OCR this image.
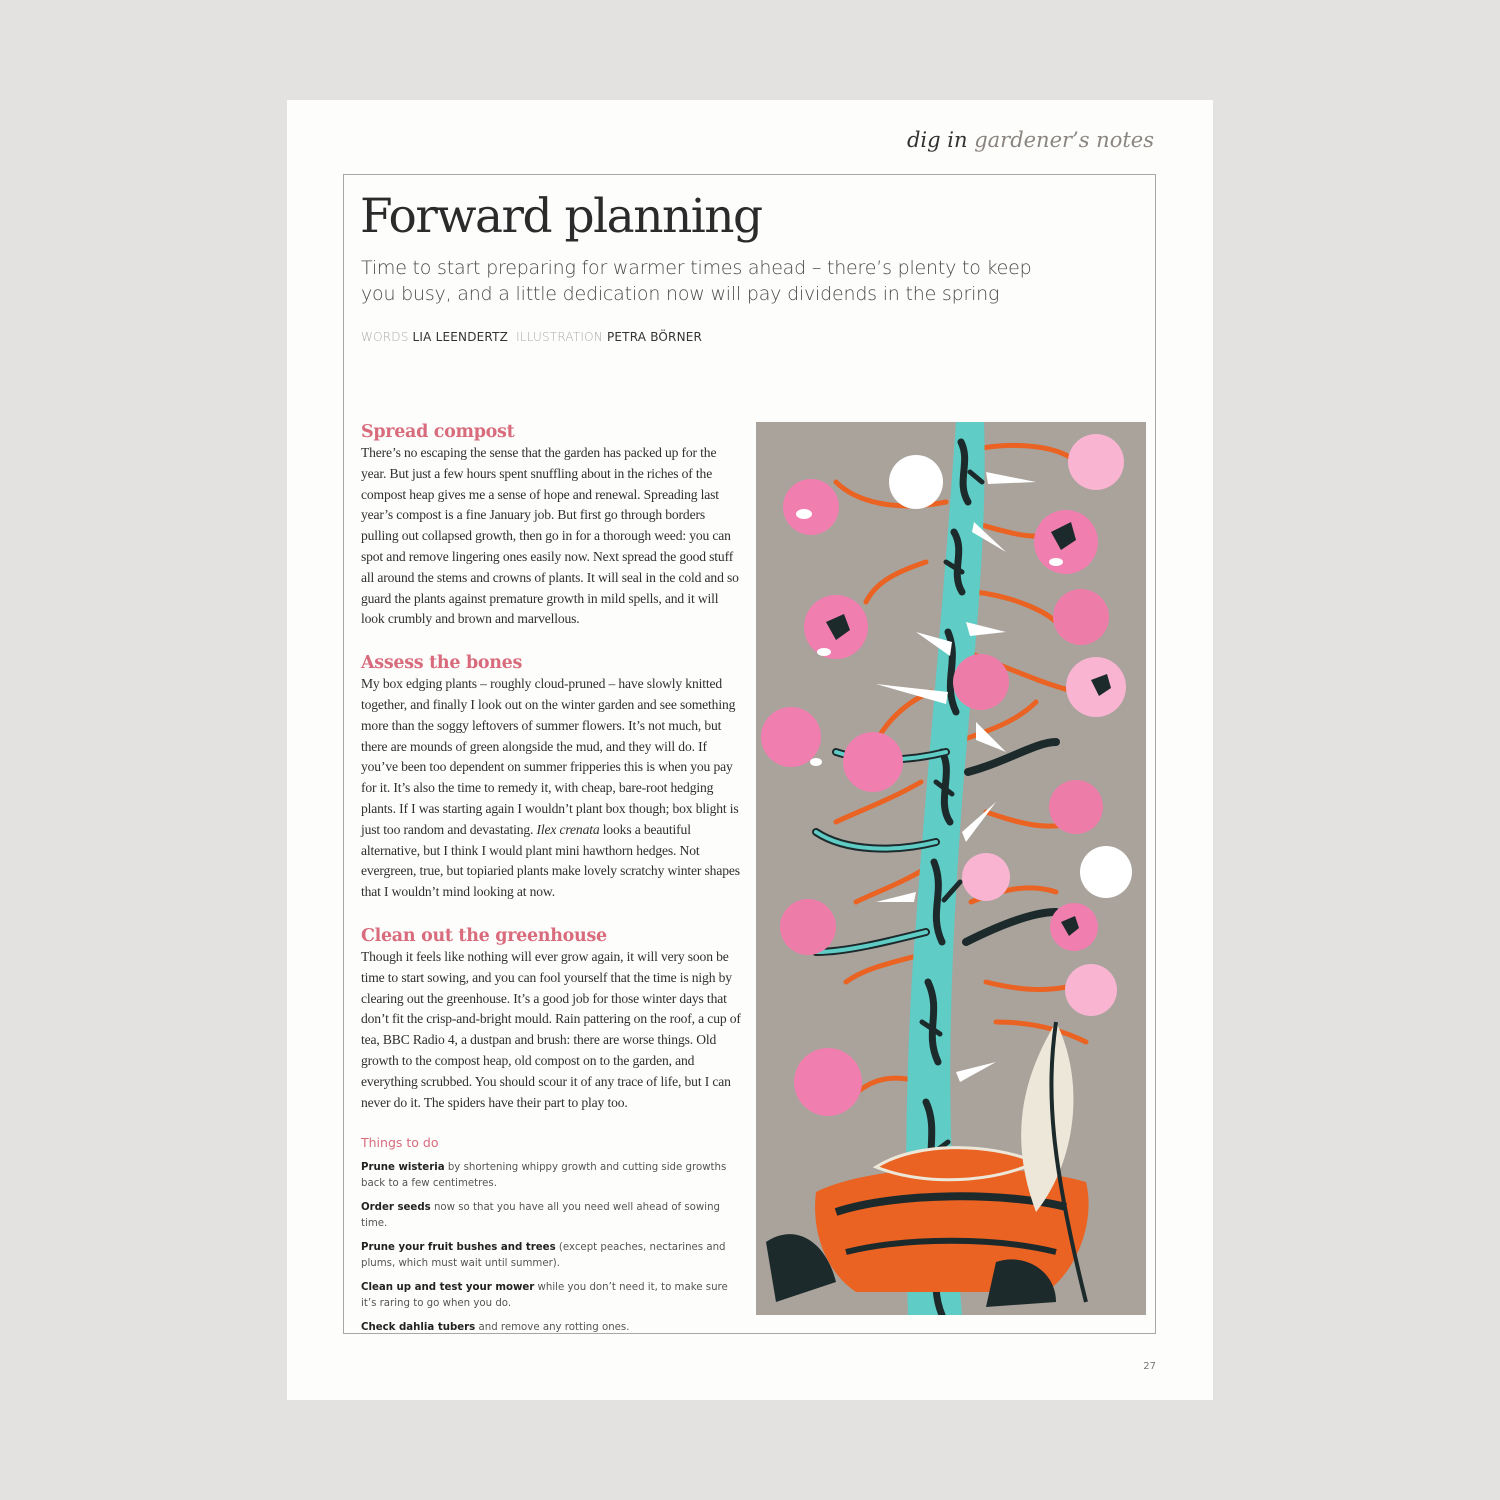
dig in gardener’s notes
Forward planning
Time to start preparing for warmer times ahead – there’s plenty to keep you busy, and a little dedication now will pay dividends in the spring
WORDS LIA LEENDERTZ ILLUSTRATION PETRA BÖRNER
Spread compost

There’s no escaping the sense that the garden has packed up for the year. But just a few hours spent snuffling about in the riches of the compost heap gives me a sense of hope and renewal. Spreading last year’s compost is a fine January job. But first go through borders pulling out collapsed growth, then go in for a thorough weed: you can spot and remove lingering ones easily now. Next spread the good stuff all around the stems and crowns of plants. It will seal in the cold and so guard the plants against premature growth in mild spells, and it will look crumbly and brown and marvellous.

Assess the bones

My box edging plants – roughly cloud-pruned – have slowly knitted together, and finally I look out on the winter garden and see something more than the soggy leftovers of summer flowers. It’s not much, but there are mounds of green alongside the mud, and they will do. If you’ve been too dependent on summer fripperies this is when you pay for it. It’s also the time to remedy it, with cheap, bare-root hedging plants. If I was starting again I wouldn’t plant box though; box blight is just too random and devastating. Ilex crenata looks a beautiful alternative, but I think I would plant mini hawthorn hedges. Not evergreen, true, but topiaried plants make lovely scratchy winter shapes that I wouldn’t mind looking at now.

Clean out the greenhouse

Though it feels like nothing will ever grow again, it will very soon be time to start sowing, and you can fool yourself that the time is nigh by clearing out the greenhouse. It’s a good job for those winter days that don’t fit the crisp-and-bright mould. Rain pattering on the roof, a cup of tea, BBC Radio 4, a dustpan and brush: there are worse things. Old growth to the compost heap, old compost on to the garden, and everything scrubbed. You should scour it of any trace of life, but I can never do it. The spiders have their part to play too.

Things to do
Prune wisteria by shortening whippy growth and cutting side growths back to a few centimetres.
Order seeds now so that you have all you need well ahead of sowing time.
Prune your fruit bushes and trees (except peaches, nectarines and plums, which must wait until summer).
Clean up and test your mower while you don’t need it, to make sure it’s raring to go when you do.
Check dahlia tubers and remove any rotting ones.
27
